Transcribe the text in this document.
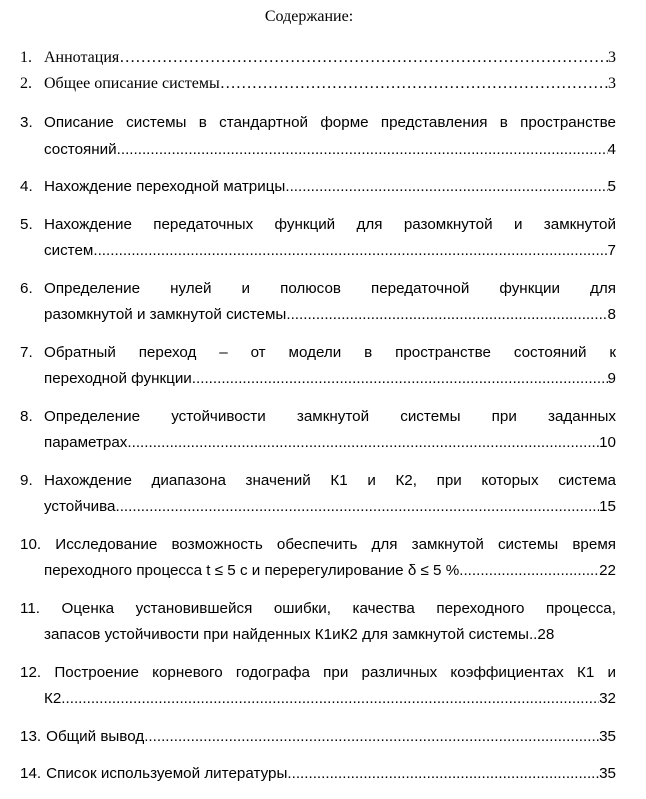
Содержание:
1. Аннотация …………………………………………………………………………………………………………………………………………………………………………………………	3
2. Общее описание системы …………………………………………………………………………………………………………………………………………………………………………………………	3
3. Описание системы в стандартной форме представления в пространстве
состояний .....	4
4. Нахождение переходной матрицы .....	5
5. Нахождение передаточных функций для разомкнутой и замкнутой
систем. .....	7
6. Определение нулей и полюсов передаточной функции для
разомкнутой и замкнутой системы .....	8
7. Обратный переход – от модели в пространстве состояний к
переходной функции .....	9
8. Определение устойчивости замкнутой системы при заданных
параметрах .....	10
9. Нахождение диапазона значений К1 и К2, при которых система
устойчива .....	15
10. Исследование возможность обеспечить для замкнутой системы время
переходного процесса t ≤ 5 с и перерегулирование δ ≤ 5 %. .....	22
11. Оценка установившейся ошибки, качества переходного процесса,
запасов устойчивости при найденных К1иК2 для замкнутой системы.. 28
12. Построение корневого годографа при различных коэффициентах К1 и
К2 .....	32
13. Общий вывод .....	35
14. Список используемой литературы .....	35
